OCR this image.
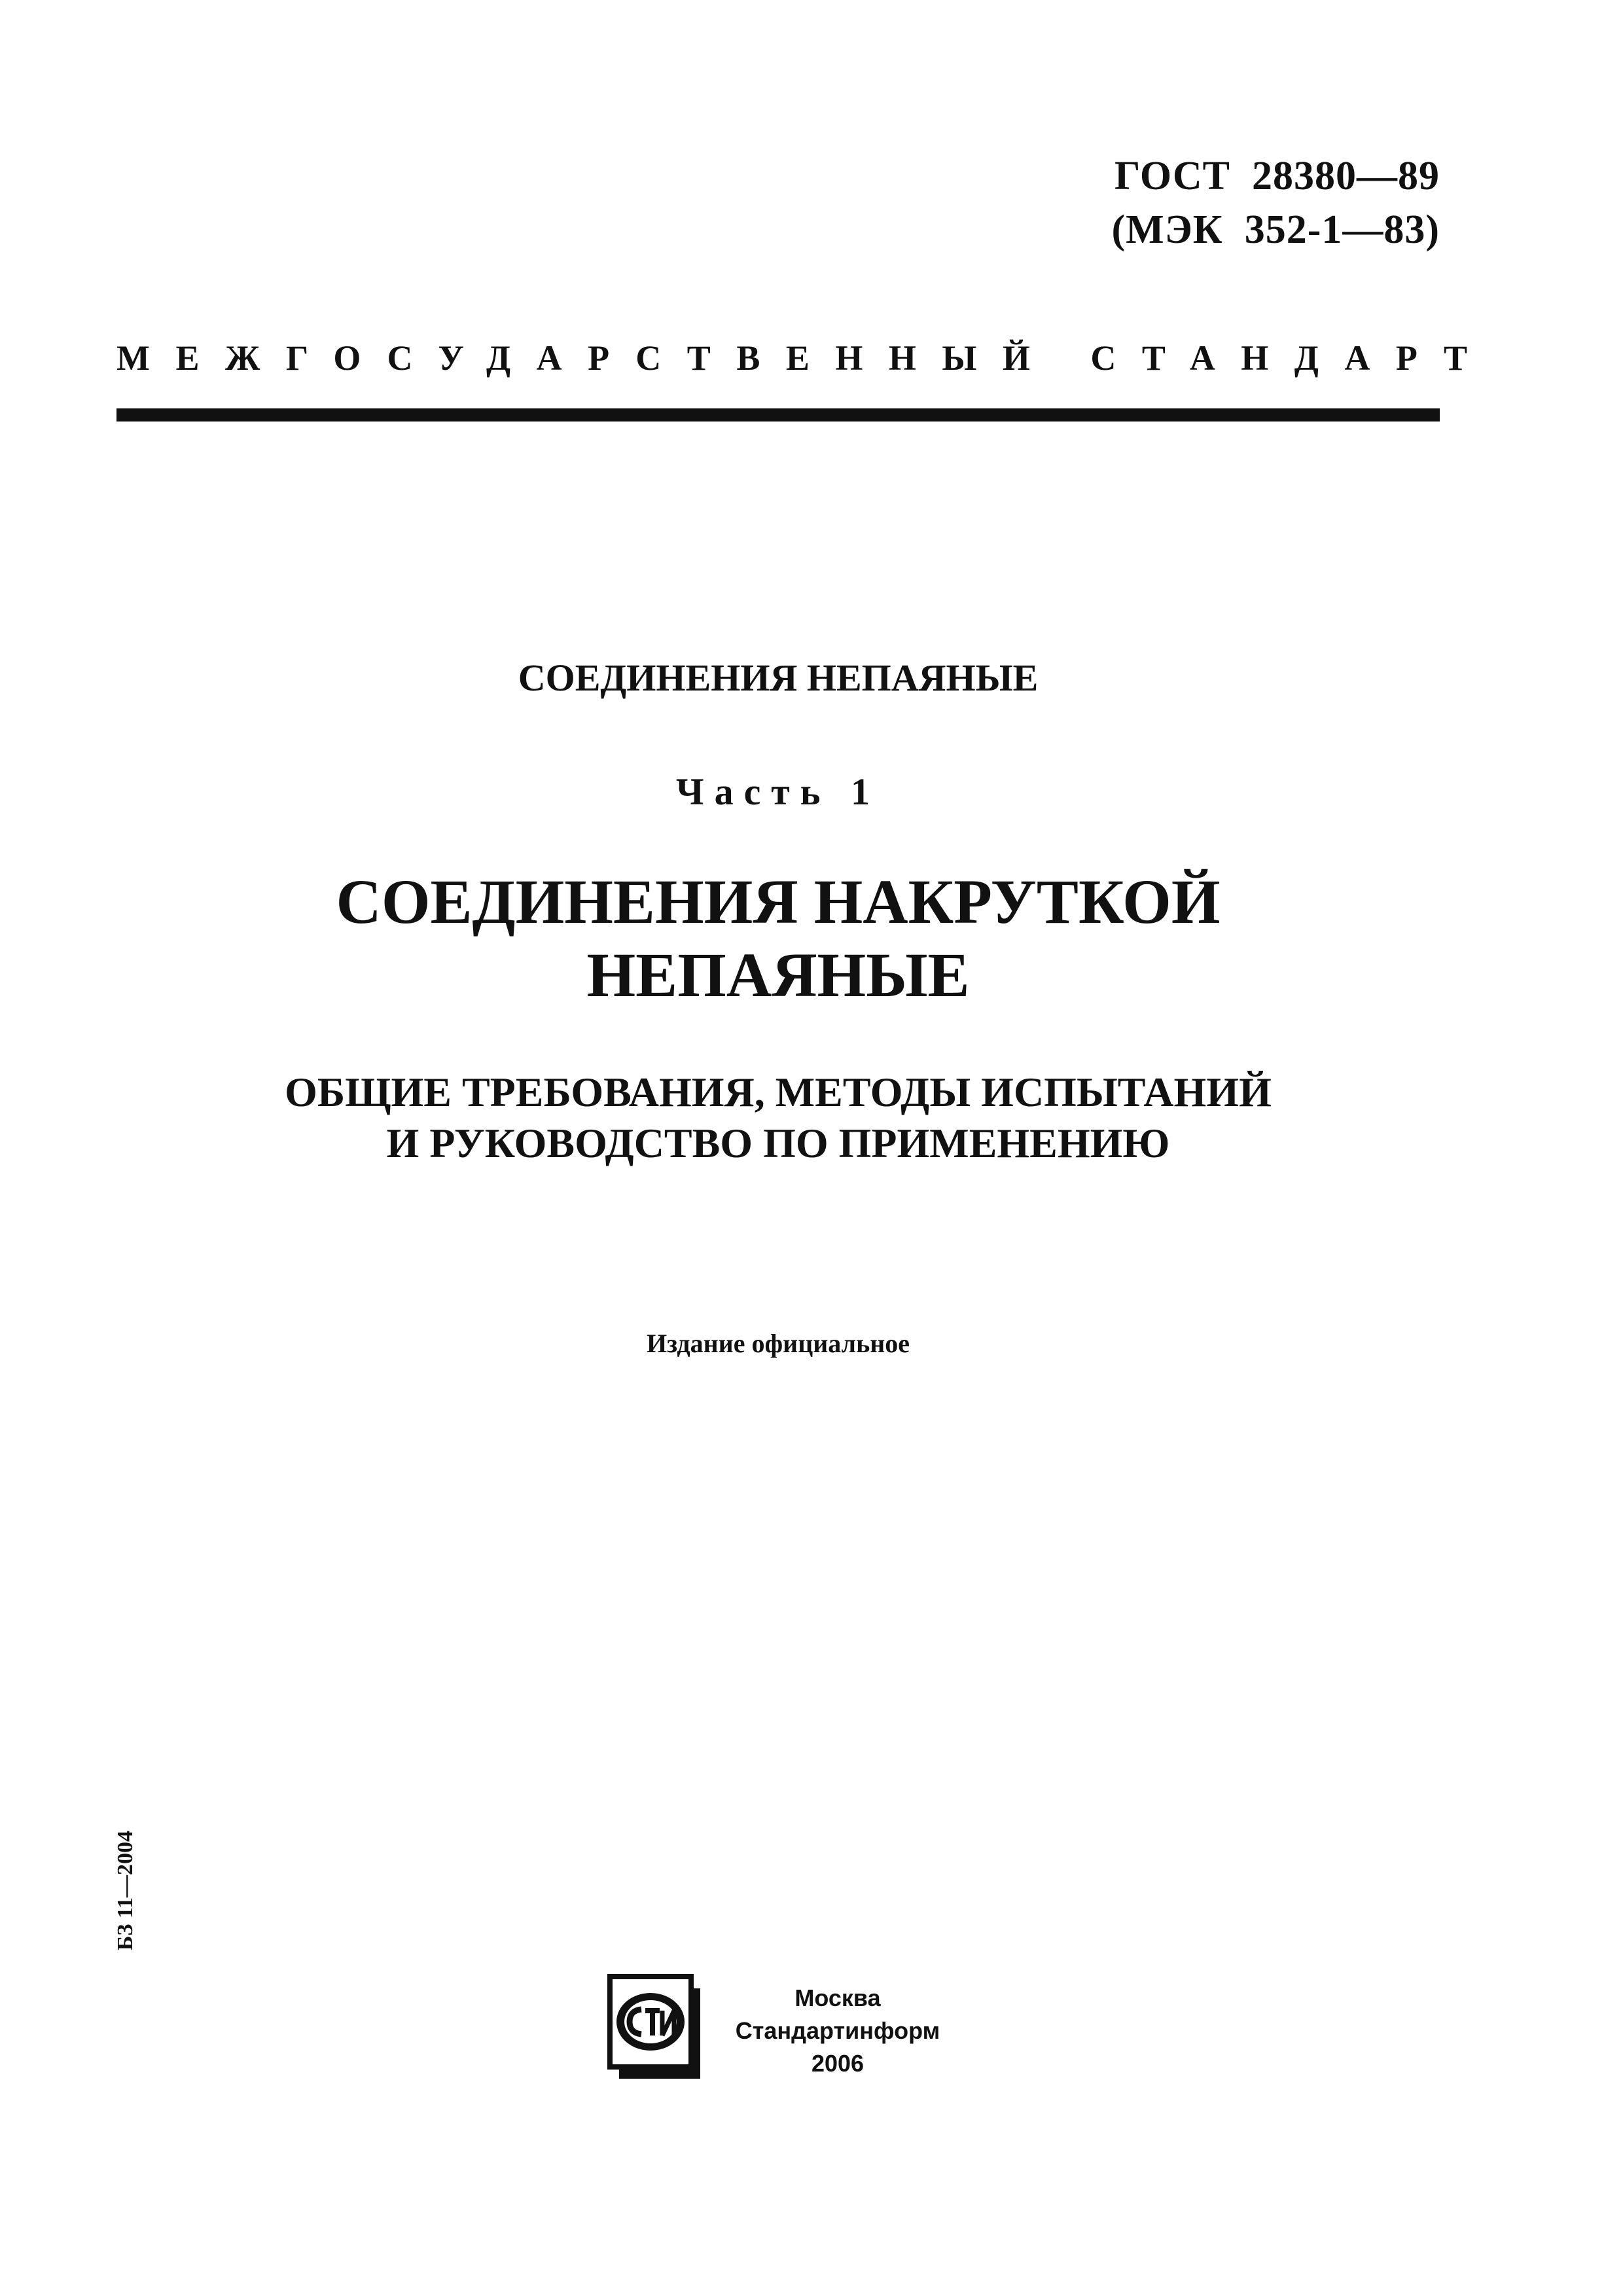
ГОСТ  28380—89
(МЭК  352-1—83)
МЕЖГОСУДАРСТВЕННЫЙ СТАНДАРТ
СОЕДИНЕНИЯ НЕПАЯНЫЕ
Часть 1
СОЕДИНЕНИЯ НАКРУТКОЙ
НЕПАЯНЫЕ
ОБЩИЕ ТРЕБОВАНИЯ, МЕТОДЫ ИСПЫТАНИЙ
И РУКОВОДСТВО ПО ПРИМЕНЕНИЮ
Издание официальное
БЗ 11—2004
Москва
Стандартинформ
2006
